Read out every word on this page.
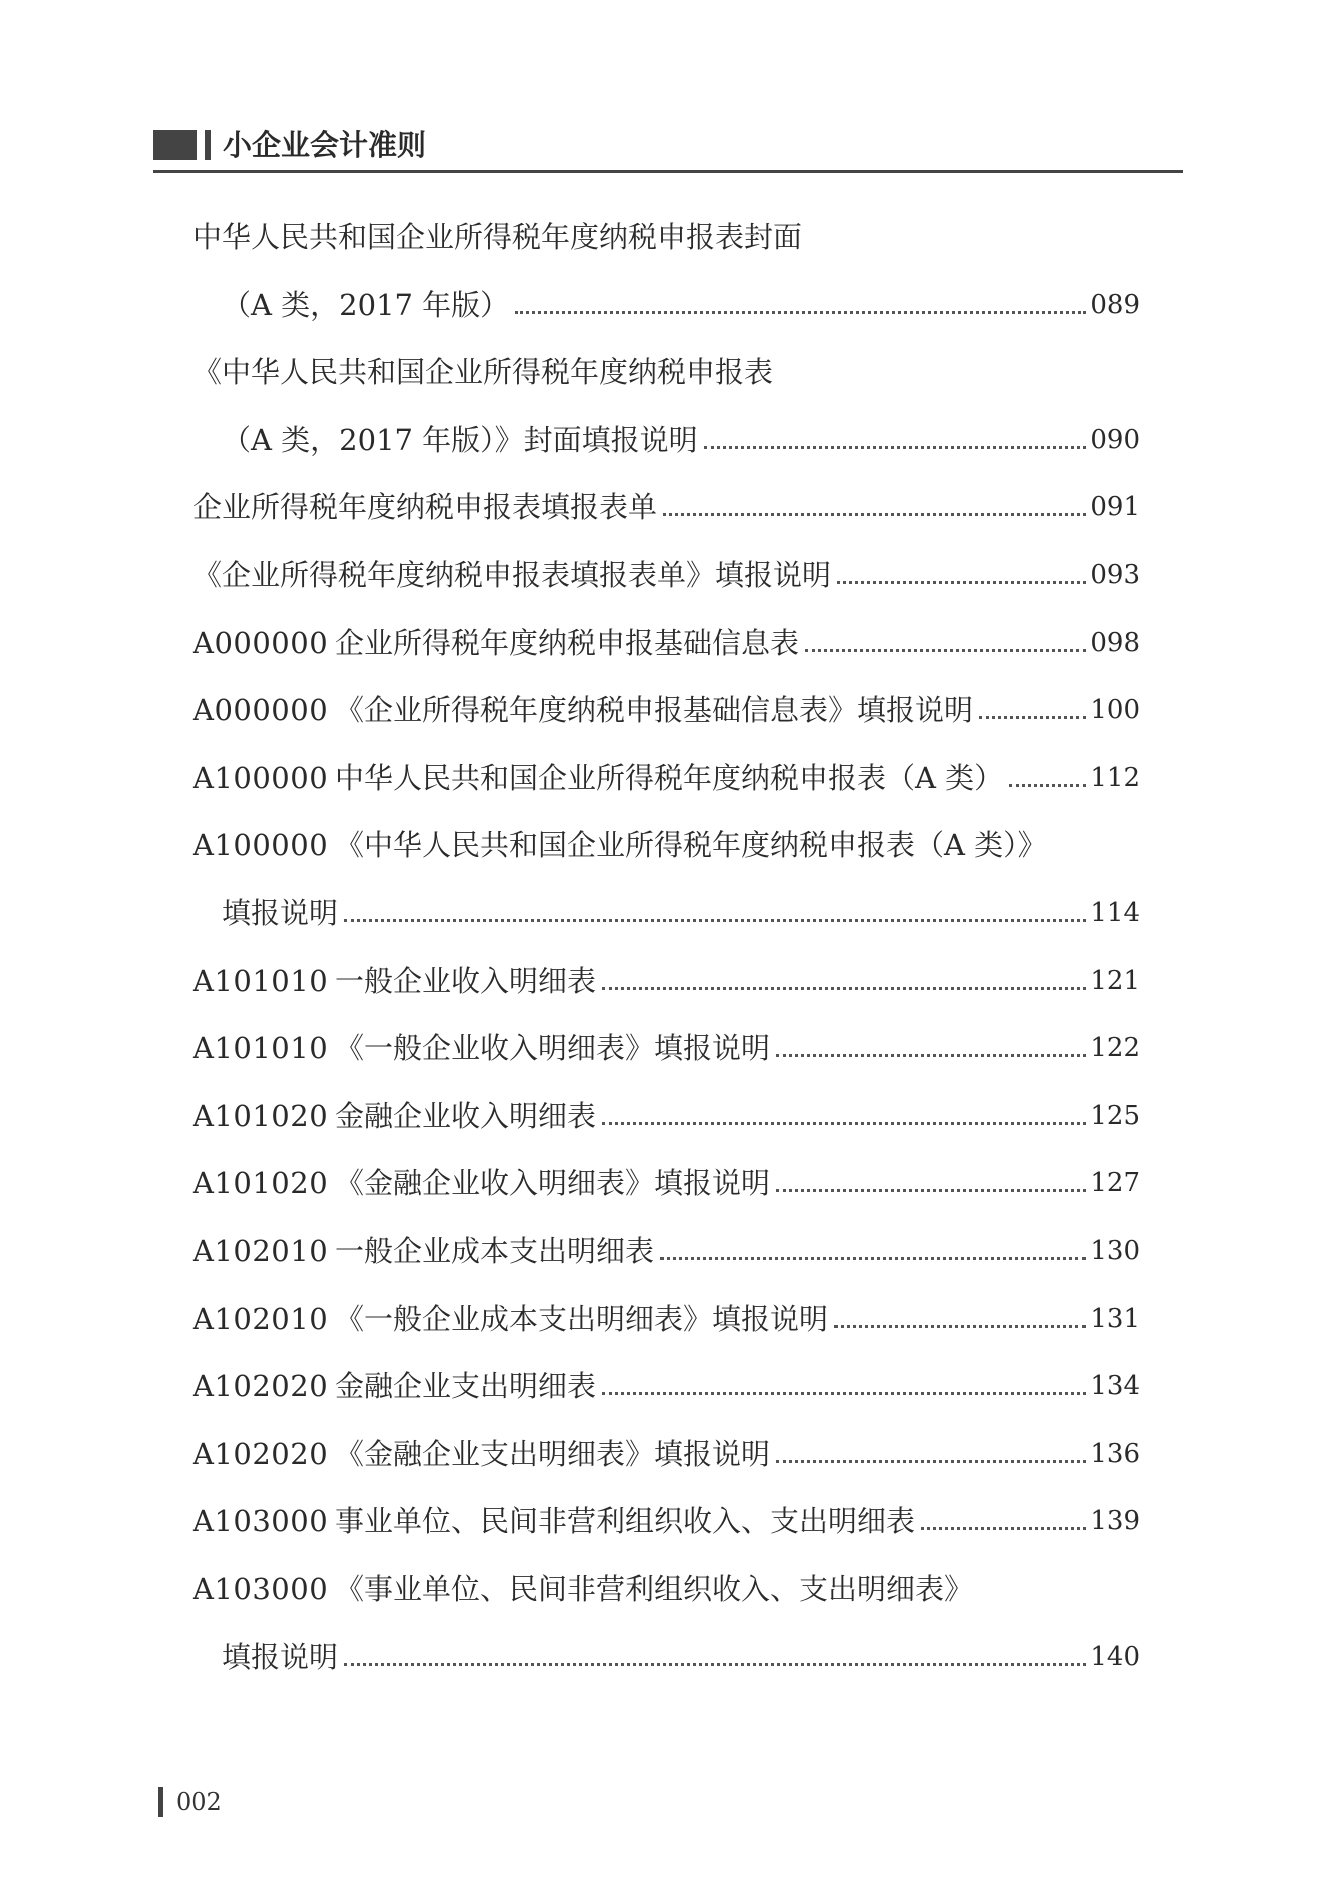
小企业会计准则
中华人民共和国企业所得税年度纳税申报表封面
（A 类，2017 年版）	089
《中华人民共和国企业所得税年度纳税申报表
（A 类，2017 年版）》封面填报说明	090
企业所得税年度纳税申报表填报表单	091
《企业所得税年度纳税申报表填报表单》填报说明	093
A000000 企业所得税年度纳税申报基础信息表	098
A000000 《企业所得税年度纳税申报基础信息表》填报说明	100
A100000 中华人民共和国企业所得税年度纳税申报表（A 类）	112
A100000 《中华人民共和国企业所得税年度纳税申报表（A 类）》
填报说明	114
A101010 一般企业收入明细表	121
A101010 《一般企业收入明细表》填报说明	122
A101020 金融企业收入明细表	125
A101020 《金融企业收入明细表》填报说明	127
A102010 一般企业成本支出明细表	130
A102010 《一般企业成本支出明细表》填报说明	131
A102020 金融企业支出明细表	134
A102020 《金融企业支出明细表》填报说明	136
A103000 事业单位、民间非营利组织收入、支出明细表	139
A103000 《事业单位、民间非营利组织收入、支出明细表》
填报说明	140
002
